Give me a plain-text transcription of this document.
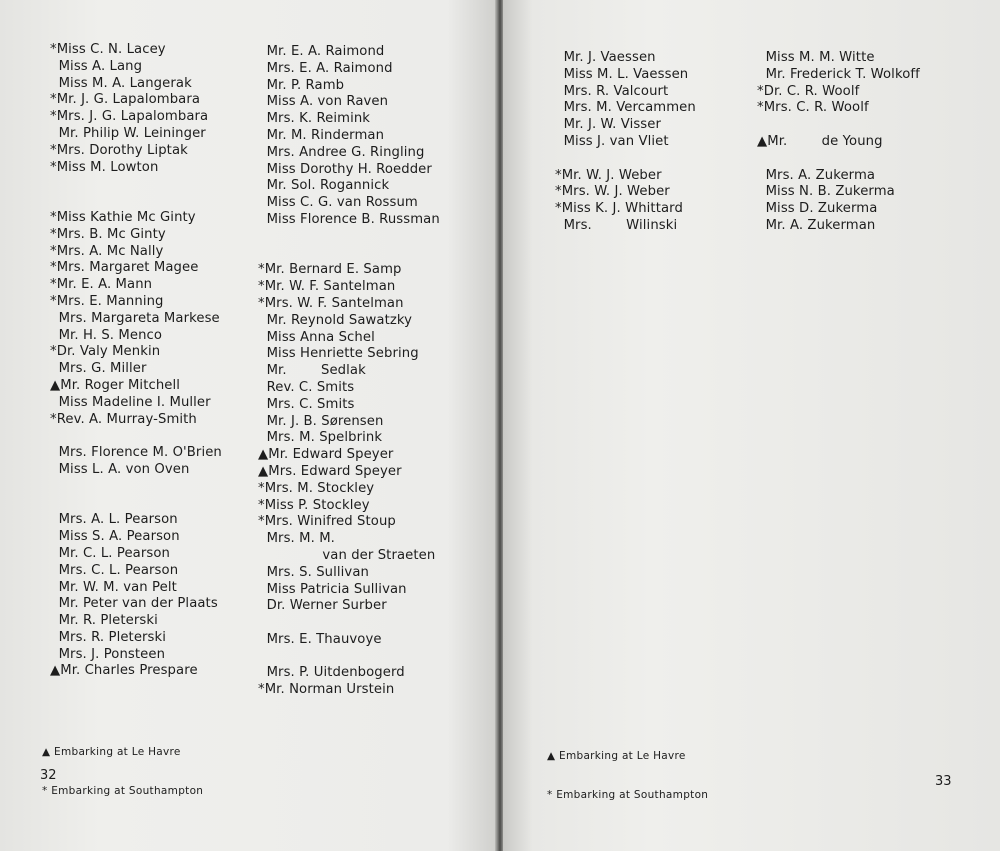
*Miss C. N. Lacey
Miss A. Lang
Miss M. A. Langerak
*Mr. J. G. Lapalombara
*Mrs. J. G. Lapalombara
Mr. Philip W. Leininger
*Mrs. Dorothy Liptak
*Miss M. Lowton
*Miss Kathie Mc Ginty
*Mrs. B. Mc Ginty
*Mrs. A. Mc Nally
*Mrs. Margaret Magee
*Mr. E. A. Mann
*Mrs. E. Manning
Mrs. Margareta Markese
Mr. H. S. Menco
*Dr. Valy Menkin
Mrs. G. Miller
▲Mr. Roger Mitchell
Miss Madeline I. Muller
*Rev. A. Murray-Smith
Mrs. Florence M. O'Brien
Miss L. A. von Oven
Mrs. A. L. Pearson
Miss S. A. Pearson
Mr. C. L. Pearson
Mrs. C. L. Pearson
Mr. W. M. van Pelt
Mr. Peter van der Plaats
Mr. R. Pleterski
Mrs. R. Pleterski
Mrs. J. Ponsteen
▲Mr. Charles Prespare
Mr. E. A. Raimond
Mrs. E. A. Raimond
Mr. P. Ramb
Miss A. von Raven
Mrs. K. Reimink
Mr. M. Rinderman
Mrs. Andree G. Ringling
Miss Dorothy H. Roedder
Mr. Sol. Rogannick
Miss C. G. van Rossum
Miss Florence B. Russman
*Mr. Bernard E. Samp
*Mr. W. F. Santelman
*Mrs. W. F. Santelman
Mr. Reynold Sawatzky
Miss Anna Schel
Miss Henriette Sebring
Mr.        Sedlak
Rev. C. Smits
Mrs. C. Smits
Mr. J. B. Sørensen
Mrs. M. Spelbrink
▲Mr. Edward Speyer
▲Mrs. Edward Speyer
*Mrs. M. Stockley
*Miss P. Stockley
*Mrs. Winifred Stoup
Mrs. M. M.
van der Straeten
Mrs. S. Sullivan
Miss Patricia Sullivan
Dr. Werner Surber
Mrs. E. Thauvoye
Mrs. P. Uitdenbogerd
*Mr. Norman Urstein

▲ Embarking at Le Havre

* Embarking at Southampton

32
Mr. J. Vaessen
Miss M. L. Vaessen
Mrs. R. Valcourt
Mrs. M. Vercammen
Mr. J. W. Visser
Miss J. van Vliet
*Mr. W. J. Weber
*Mrs. W. J. Weber
*Miss K. J. Whittard
Mrs.        Wilinski
Miss M. M. Witte
Mr. Frederick T. Wolkoff
*Dr. C. R. Woolf
*Mrs. C. R. Woolf
▲Mr.        de Young
Mrs. A. Zukerma
Miss N. B. Zukerma
Miss D. Zukerma
Mr. A. Zukerman

▲ Embarking at Le Havre

* Embarking at Southampton

33
